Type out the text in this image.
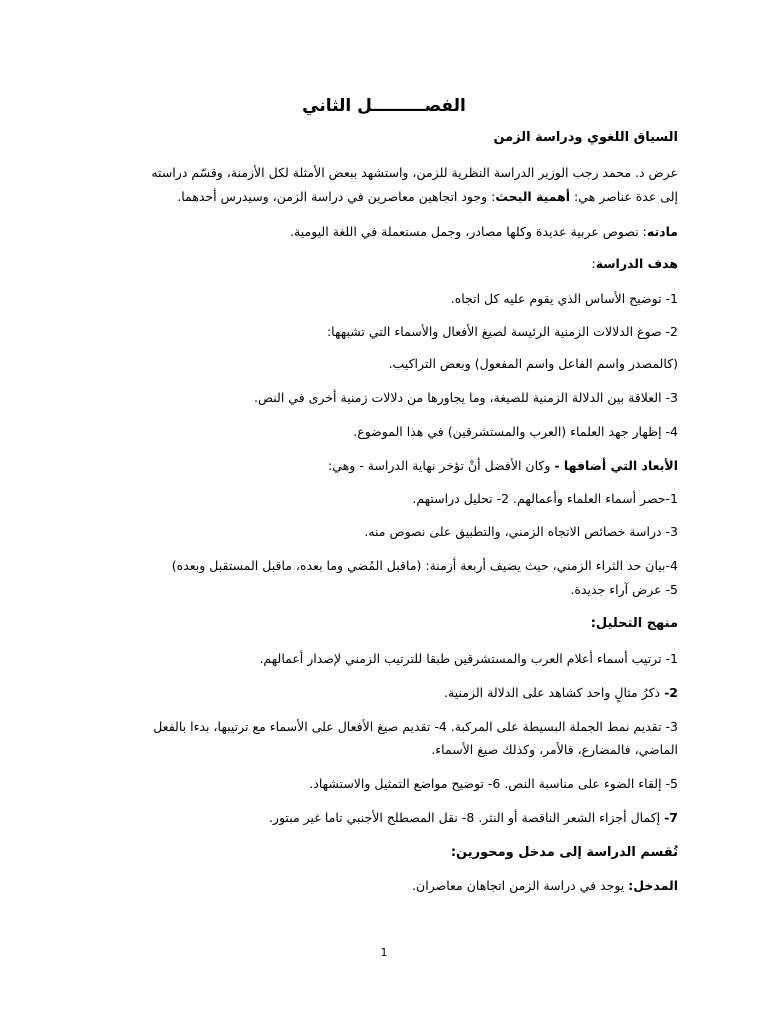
الفصـــــــــل الثاني
السياق اللغوي ودراسة الزمن
عرض د. محمد رجب الوزير الدراسة النظرية للزمن، واستشهد ببعض الأمثلة لكل الأزمنة، وقسّم دراسته
إلى عدة عناصر هي: أهمية البحث: وجود اتجاهين معاصرين في دراسة الزمن، وسيدرس أحدهما.
مادته: نصوص عربية عديدة وكلها مصادر، وجمل مستعملة في اللغة اليومية.
هدف الدراسة:
1- توضيح الأساس الذي يقوم عليه كل اتجاه.
2- صوغ الدلالات الزمنية الرئيسة لصيغ الأفعال والأسماء التي تشبهها:
(كالمصدر واسم الفاعل واسم المفعول) وبعض التراكيب.
3- العلاقة بين الدلالة الزمنية للصيغة، وما يجاورها من دلالات زمنية أخرى في النص.
4- إظهار جهد العلماء (العرب والمستشرقين) في هذا الموضوع.
الأبعاد التي أضافها - وكان الأفضل أنْ تؤخر نهاية الدراسة - وهي:
1-حصر أسماء العلماء وأعمالهم. 2- تحليل دراستهم.
3- دراسة خصائص الاتجاه الزمني، والتطبيق على نصوص منه.
4-بيان حد الثراء الزمني، حيث يضيف أربعة أزمنة: (ماقبل المُضي وما بعده، ماقبل المستقبل وبعده)
5- عرض آراء جديدة.
منهج التحليل:
1- ترتيب أسماء أعلام العرب والمستشرقين طبقا للترتيب الزمني لإصدار أعمالهم.
2- ذكرُ مثالٍ واحد كشاهد على الدلالة الزمنية.
3- تقديم نمط الجملة البسيطة على المركبة. 4- تقديم صيغ الأفعال على الأسماء مع ترتيبها، بدءا بالفعل
الماضي، فالمضارع، فالأمر، وكذلك صيغ الأسماء.
5- إلقاء الضوء على مناسبة النص. 6- توضيح مواضع التمثيل والاستشهاد.
7- إكمال أجزاء الشعر الناقصة أو النثر. 8- نقل المصطلح الأجنبي تاما غير مبتور.
تُقسم الدراسة إلى مدخل ومحورين:
المدخل: يوجد في دراسة الزمن اتجاهان معاصران.
1
